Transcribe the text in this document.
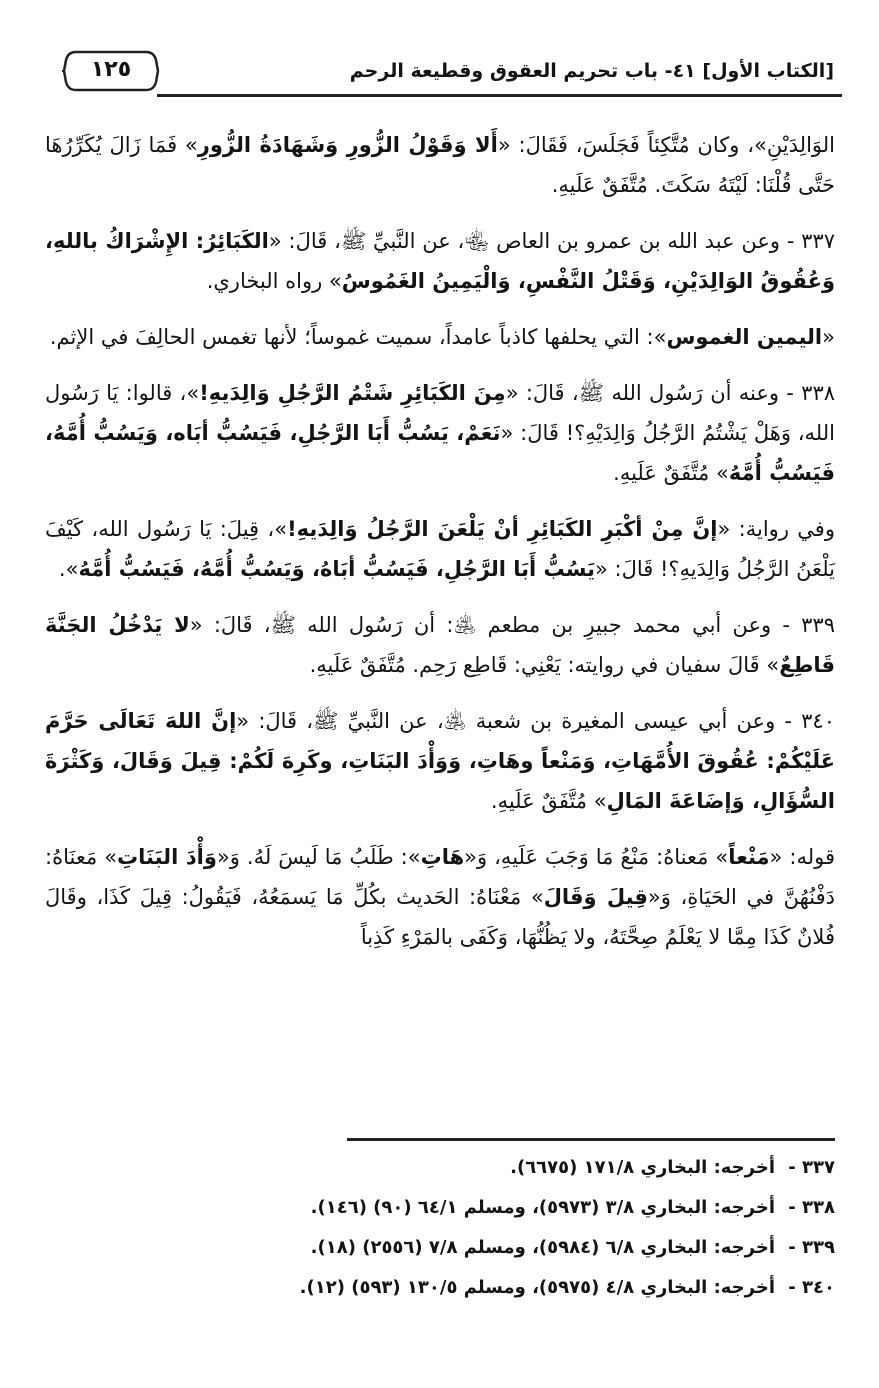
[الكتاب الأول] ٤١- باب تحريم العقوق وقطيعة الرحم
١٢٥

الوَالِدَيْنِ»، وكان مُتَّكِئاً فَجَلَسَ، فَقَالَ: «أَلا وَقَوْلُ الزُّورِ وَشَهَادَةُ الزُّورِ» فَمَا زَالَ يُكَرِّرُهَا حَتَّى قُلْنَا: لَيْتَهُ سَكَتَ. مُتَّفَقٌ عَلَيهِ.

٣٣٧ - وعن عبد الله بن عمرو بن العاص ﵄، عن النَّبيِّ ﷺ، قَالَ: «الكَبَائِرُ: الإِشْرَاكُ باللهِ، وَعُقُوقُ الوَالِدَيْنِ، وَقَتْلُ النَّفْسِ، وَالْيَمِينُ الغَمُوسُ» رواه البخاري.

«اليمين الغموس»: التي يحلفها كاذباً عامداً، سميت غموساً؛ لأنها تغمس الحالِفَ في الإثم.

٣٣٨ - وعنه أن رَسُول الله ﷺ، قَالَ: «مِنَ الكَبَائِرِ شَتْمُ الرَّجُلِ وَالِدَيهِ!»، قالوا: يَا رَسُول الله، وَهَلْ يَشْتُمُ الرَّجُلُ وَالِدَيْهِ؟! قَالَ: «نَعَمْ، يَسُبُّ أَبَا الرَّجُلِ، فَيَسُبُّ أبَاه، وَيَسُبُّ أُمَّهُ، فَيَسُبُّ أُمَّهُ» مُتَّفَقٌ عَلَيهِ.

وفي رواية: «إنَّ مِنْ أكْبَرِ الكَبَائِرِ أنْ يَلْعَنَ الرَّجُلُ وَالِدَيهِ!»، قِيلَ: يَا رَسُول الله، كَيْفَ يَلْعَنُ الرَّجُلُ وَالِدَيهِ؟! قَالَ: «يَسُبُّ أَبَا الرَّجُلِ، فَيَسُبُّ أبَاهُ، وَيَسُبُّ أُمَّهُ، فَيَسُبُّ أُمَّهُ».

٣٣٩ - وعن أبي محمد جبيرِ بن مطعم ﵁: أن رَسُول الله ﷺ، قَالَ: «لا يَدْخُلُ الجَنَّةَ قَاطِعٌ» قَالَ سفيان في روايته: يَعْنِي: قَاطِع رَحِم. مُتَّفَقٌ عَلَيهِ.

٣٤٠ - وعن أبي عيسى المغيرة بن شعبة ﵁، عن النَّبيِّ ﷺ، قَالَ: «إنَّ اللهَ تَعَالَى حَرَّمَ عَلَيْكُمْ: عُقُوقَ الأُمَّهَاتِ، وَمَنْعاً وهَاتِ، وَوَأْدَ البَنَاتِ، وكَرِهَ لَكُمْ: قِيلَ وَقَالَ، وَكَثْرَةَ السُّؤَالِ، وَإضَاعَةَ المَالِ» مُتَّفَقٌ عَلَيهِ.

قوله: «مَنْعاً» مَعناهُ: مَنْعُ مَا وَجَبَ عَلَيهِ، وَ«هَاتِ»: طَلَبُ مَا لَيسَ لَهُ. وَ«وَأْدَ البَنَاتِ» مَعنَاهُ: دَفْنُهُنَّ في الحَيَاةِ، وَ«قِيلَ وَقَالَ» مَعْنَاهُ: الحَديث بكُلِّ مَا يَسمَعُهُ، فَيَقُولُ: قِيلَ كَذَا، وقَالَ فُلانٌ كَذَا مِمَّا لا يَعْلَمُ صِحَّتَهُ، ولا يَظُنُّهَا، وَكَفَى بالمَرْءِ كَذِباً

٣٣٧ -أخرجه: البخاري ١٧١/٨ (٦٦٧٥).
٣٣٨ -أخرجه: البخاري ٣/٨ (٥٩٧٣)، ومسلم ٦٤/١ (٩٠) (١٤٦).
٣٣٩ -أخرجه: البخاري ٦/٨ (٥٩٨٤)، ومسلم ٧/٨ (٢٥٥٦) (١٨).
٣٤٠ -أخرجه: البخاري ٤/٨ (٥٩٧٥)، ومسلم ١٣٠/٥ (٥٩٣) (١٢).
